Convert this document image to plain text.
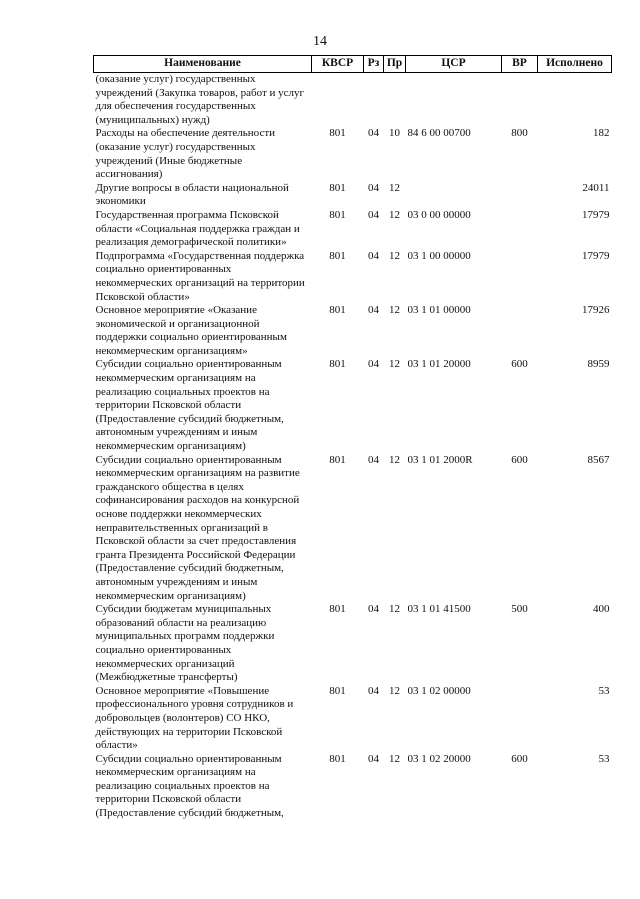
14
Наименование	КВСР	Рз	Пр	ЦСР	ВР	Исполнено
(оказание услуг) государственных учреждений (Закупка товаров, работ и услуг для обеспечения государственных (муниципальных) нужд)						
Расходы на обеспечение деятельности (оказание услуг) государственных учреждений (Иные бюджетные ассигнования)	801	04	10	84 6 00 00700	800	182
Другие вопросы в области национальной экономики	801	04	12			24011
Государственная программа Псковской области «Социальная поддержка граждан и реализация демографической политики»	801	04	12	03 0 00 00000		17979
Подпрограмма «Государственная поддержка социально ориентированных некоммерческих организаций на территории Псковской области»	801	04	12	03 1 00 00000		17979
Основное мероприятие «Оказание экономической и организационной поддержки социально ориентированным некоммерческим организациям»	801	04	12	03 1 01 00000		17926
Субсидии социально ориентированным некоммерческим организациям на реализацию социальных проектов на территории Псковской области (Предоставление субсидий бюджетным, автономным учреждениям и иным некоммерческим организациям)	801	04	12	03 1 01 20000	600	8959
Субсидии социально ориентированным некоммерческим организациям на развитие гражданского общества в целях софинансирования расходов на конкурсной основе поддержки некоммерческих неправительственных организаций в Псковской области за счет предоставления гранта Президента Российской Федерации (Предоставление субсидий бюджетным, автономным учреждениям и иным некоммерческим организациям)	801	04	12	03 1 01 2000R	600	8567
Субсидии бюджетам муниципальных образований области на реализацию муниципальных программ поддержки социально ориентированных некоммерческих организаций (Межбюджетные трансферты)	801	04	12	03 1 01 41500	500	400
Основное мероприятие «Повышение профессионального уровня сотрудников и добровольцев (волонтеров) СО НКО, действующих на территории Псковской области»	801	04	12	03 1 02 00000		53
Субсидии социально ориентированным некоммерческим организациям на реализацию социальных проектов на территории Псковской области (Предоставление субсидий бюджетным,	801	04	12	03 1 02 20000	600	53
